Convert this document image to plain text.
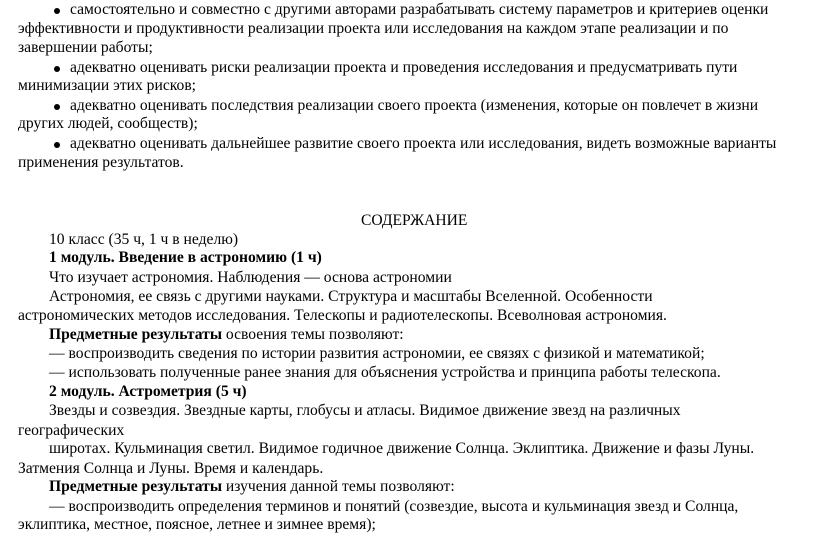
самостоятельно и совместно с другими авторами разрабатывать систему параметров и критериев оценки
эффективности и продуктивности реализации проекта или исследования на каждом этапе реализации и по
завершении работы;
адекватно оценивать риски реализации проекта и проведения исследования и предусматривать пути
минимизации этих рисков;
адекватно оценивать последствия реализации своего проекта (изменения, которые он повлечет в жизни
других людей, сообществ);
адекватно оценивать дальнейшее развитие своего проекта или исследования, видеть возможные варианты
применения результатов.
СОДЕРЖАНИЕ
10 класс (35 ч, 1 ч в неделю)
1 модуль. Введение в астрономию (1 ч)
Что изучает астрономия. Наблюдения — основа астрономии
Астрономия, ее связь с другими науками. Структура и масштабы Вселенной. Особенности
астрономических методов исследования. Телескопы и радиотелескопы. Всеволновая астрономия.
Предметные результаты освоения темы позволяют:
— воспроизводить сведения по истории развития астрономии, ее связях с физикой и математикой;
— использовать полученные ранее знания для объяснения устройства и принципа работы телескопа.
2 модуль. Астрометрия (5 ч)
Звезды и созвездия. Звездные карты, глобусы и атласы. Видимое движение звезд на различных
географических
широтах. Кульминация светил. Видимое годичное движение Солнца. Эклиптика. Движение и фазы Луны.
Затмения Солнца и Луны. Время и календарь.
Предметные результаты изучения данной темы позволяют:
— воспроизводить определения терминов и понятий (созвездие, высота и кульминация звезд и Солнца,
эклиптика, местное, поясное, летнее и зимнее время);
